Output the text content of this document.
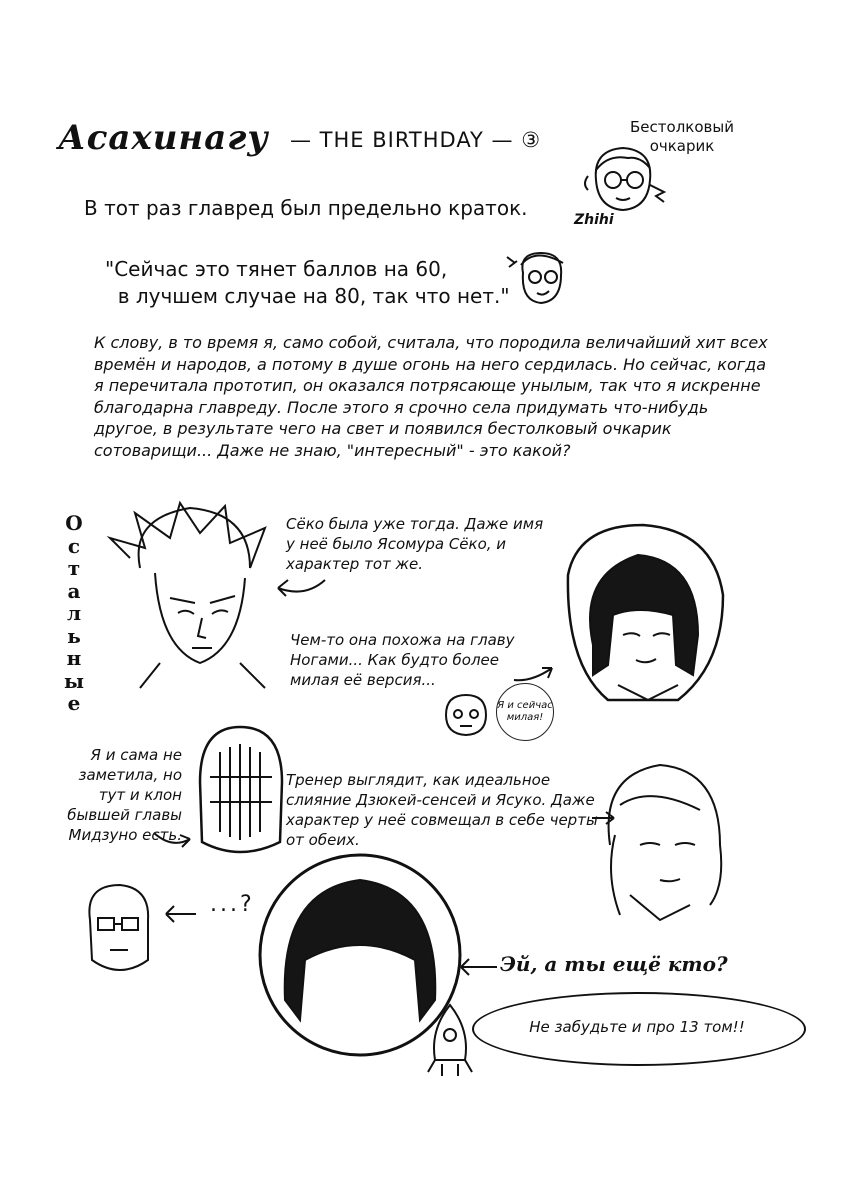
Асахинагу — THE BIRTHDAY — ③
Бестолковый очкарик
Zhihi
В тот раз главред был предельно краток.
"Сейчас это тянет баллов на 60,
в лучшем случае на 80, так что нет."
К слову, в то время я, само собой, считала, что породила величайший хит всех времён и народов, а потому в душе огонь на него сердилась. Но сейчас, когда я перечитала прототип, он оказался потрясающе унылым, так что я искренне благодарна главреду. После этого я срочно села придумать что-нибудь другое, в результате чего на свет и появился бестолковый очкарик сотоварищи... Даже не знаю, "интересный" - это какой?
О
с
т
а
л
ь
н
ы
е
Сёко была уже тогда. Даже имя у неё было Ясомура Сёко, и характер тот же.
Чем-то она похожа на главу Ногами... Как будто более милая её версия...
Я и сейчас милая!
Я и сама не заметила, но тут и клон бывшей главы Мидзуно есть.
Тренер выглядит, как идеальное слияние Дзюкей-сенсей и Ясуко. Даже характер у неё совмещал в себе черты от обеих.
...?
Эй, а ты ещё кто?
Не забудьте и про 13 том!!
